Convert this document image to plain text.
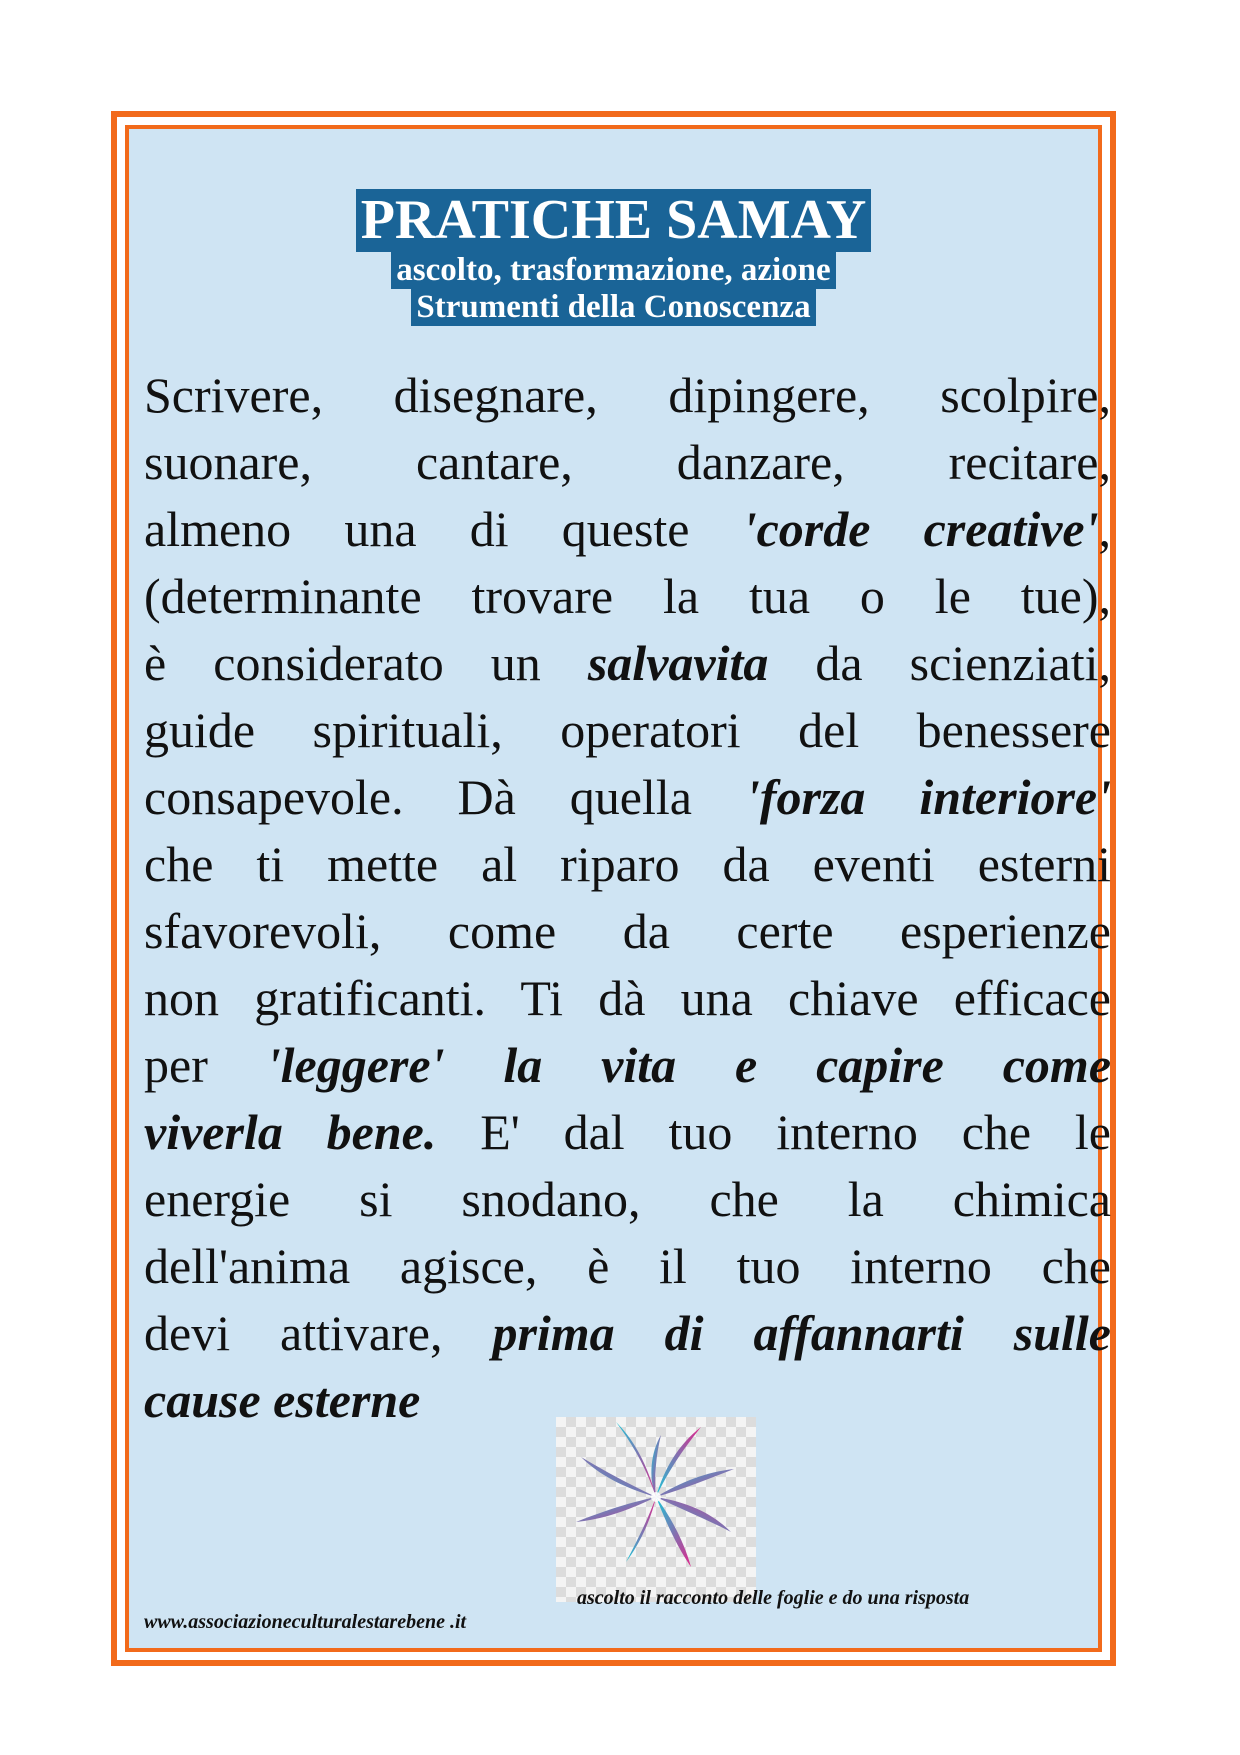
PRATICHE SAMAY
ascolto, trasformazione, azione
Strumenti della Conoscenza
Scrivere, disegnare, dipingere, scolpire,
suonare, cantare, danzare, recitare,
almeno una di queste 'corde creative',
(determinante trovare la tua o le tue),
è considerato un salvavita da scienziati,
guide spirituali, operatori del benessere
consapevole. Dà quella 'forza interiore'
che ti mette al riparo da eventi esterni
sfavorevoli, come da certe esperienze
non gratificanti. Ti dà una chiave efficace
per 'leggere' la vita e capire come
viverla bene. E' dal tuo interno che le
energie si snodano, che la chimica
dell'anima agisce, è il tuo interno che
devi attivare, prima di affannarti sulle
cause esterne
ascolto il racconto delle foglie e do una risposta
www.associazioneculturalestarebene .it
